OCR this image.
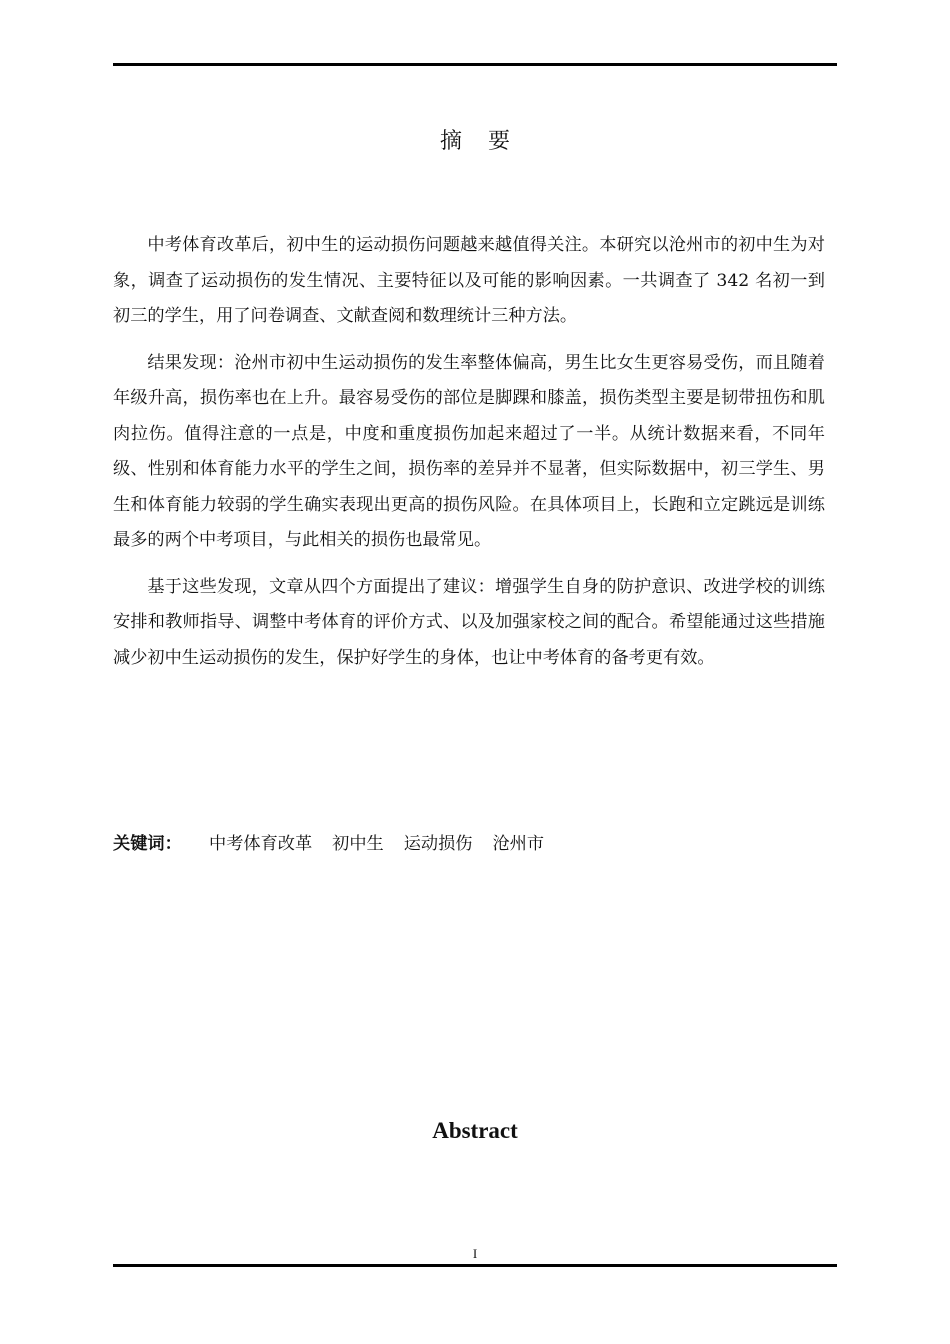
摘 要

中考体育改革后，初中生的运动损伤问题越来越值得关注。本研究以沧州市的初中生为对象，调查了运动损伤的发生情况、主要特征以及可能的影响因素。一共调查了 342 名初一到初三的学生，用了问卷调查、文献查阅和数理统计三种方法。

结果发现：沧州市初中生运动损伤的发生率整体偏高，男生比女生更容易受伤，而且随着年级升高，损伤率也在上升。最容易受伤的部位是脚踝和膝盖，损伤类型主要是韧带扭伤和肌肉拉伤。值得注意的一点是，中度和重度损伤加起来超过了一半。从统计数据来看，不同年级、性别和体育能力水平的学生之间，损伤率的差异并不显著，但实际数据中，初三学生、男生和体育能力较弱的学生确实表现出更高的损伤风险。在具体项目上，长跑和立定跳远是训练最多的两个中考项目，与此相关的损伤也最常见。

基于这些发现，文章从四个方面提出了建议：增强学生自身的防护意识、改进学校的训练安排和教师指导、调整中考体育的评价方式、以及加强家校之间的配合。希望能通过这些措施减少初中生运动损伤的发生，保护好学生的身体，也让中考体育的备考更有效。

关键词： 中考体育改革 初中生 运动损伤 沧州市
Abstract
I
